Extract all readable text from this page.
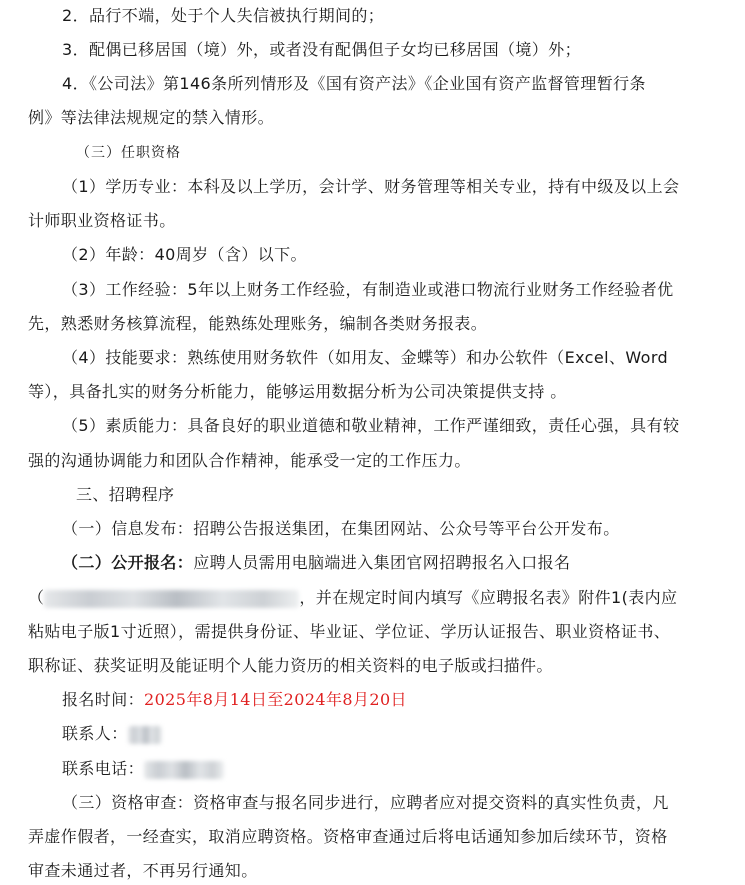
2．品行不端，处于个人失信被执行期间的；
3．配偶已移居国（境）外，或者没有配偶但子女均已移居国（境）外；
4．《公司法》第146条所列情形及《国有资产法》《企业国有资产监督管理暂行条
例》等法律法规规定的禁入情形。
（三）任职资格
（1）学历专业：本科及以上学历，会计学、财务管理等相关专业，持有中级及以上会
计师职业资格证书。
（2）年龄：40周岁（含）以下。
（3）工作经验：5年以上财务工作经验，有制造业或港口物流行业财务工作经验者优
先，熟悉财务核算流程，能熟练处理账务，编制各类财务报表。
（4）技能要求：熟练使用财务软件（如用友、金蝶等）和办公软件（Excel、Word
等），具备扎实的财务分析能力，能够运用数据分析为公司决策提供支持 。
（5）素质能力：具备良好的职业道德和敬业精神，工作严谨细致，责任心强，具有较
强的沟通协调能力和团队合作精神，能承受一定的工作压力。
三、招聘程序
（一）信息发布：招聘公告报送集团，在集团网站、公众号等平台公开发布。
（二）公开报名：应聘人员需用电脑端进入集团官网招聘报名入口报名
（	，并在规定时间内填写《应聘报名表》附件1(表内应
粘贴电子版1寸近照），需提供身份证、毕业证、学位证、学历认证报告、职业资格证书、
职称证、获奖证明及能证明个人能力资历的相关资料的电子版或扫描件。
报名时间：2025年8月14日至2024年8月20日
联系人：
联系电话：
（三）资格审查：资格审查与报名同步进行，应聘者应对提交资料的真实性负责，凡
弄虚作假者，一经查实，取消应聘资格。资格审查通过后将电话通知参加后续环节，资格
审查未通过者，不再另行通知。
